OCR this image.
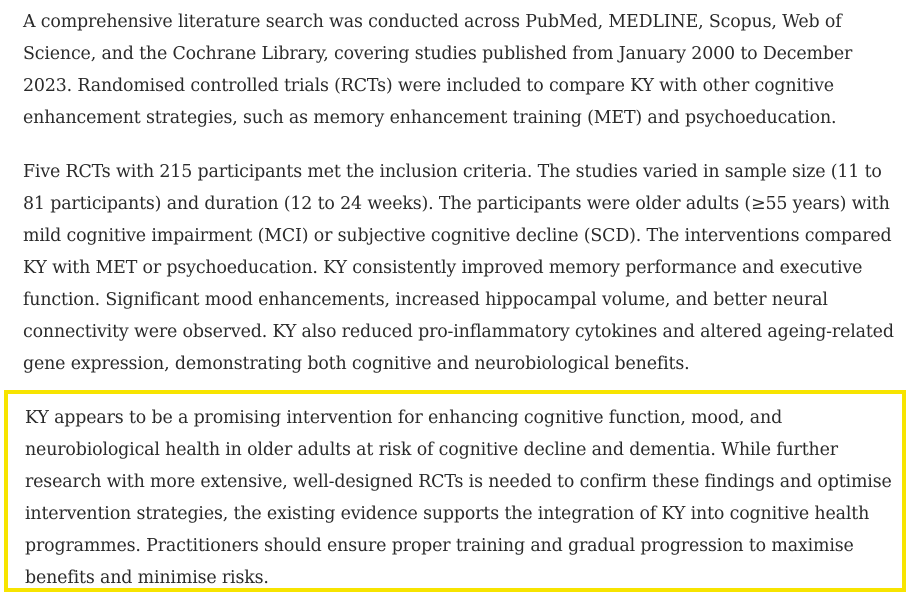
A comprehensive literature search was conducted across PubMed, MEDLINE, Scopus, Web of Science, and the Cochrane Library, covering studies published from January 2000 to December 2023. Randomised controlled trials (RCTs) were included to compare KY with other cognitive enhancement strategies, such as memory enhancement training (MET) and psychoeducation.

Five RCTs with 215 participants met the inclusion criteria. The studies varied in sample size (11 to 81 participants) and duration (12 to 24 weeks). The participants were older adults (≥55 years) with mild cognitive impairment (MCI) or subjective cognitive decline (SCD). The interventions compared KY with MET or psychoeducation. KY consistently improved memory performance and executive function. Significant mood enhancements, increased hippocampal volume, and better neural connectivity were observed. KY also reduced pro-inflammatory cytokines and altered ageing-related gene expression, demonstrating both cognitive and neurobiological benefits.

KY appears to be a promising intervention for enhancing cognitive function, mood, and neurobiological health in older adults at risk of cognitive decline and dementia. While further research with more extensive, well-designed RCTs is needed to confirm these findings and optimise intervention strategies, the existing evidence supports the integration of KY into cognitive health programmes. Practitioners should ensure proper training and gradual progression to maximise benefits and minimise risks.
